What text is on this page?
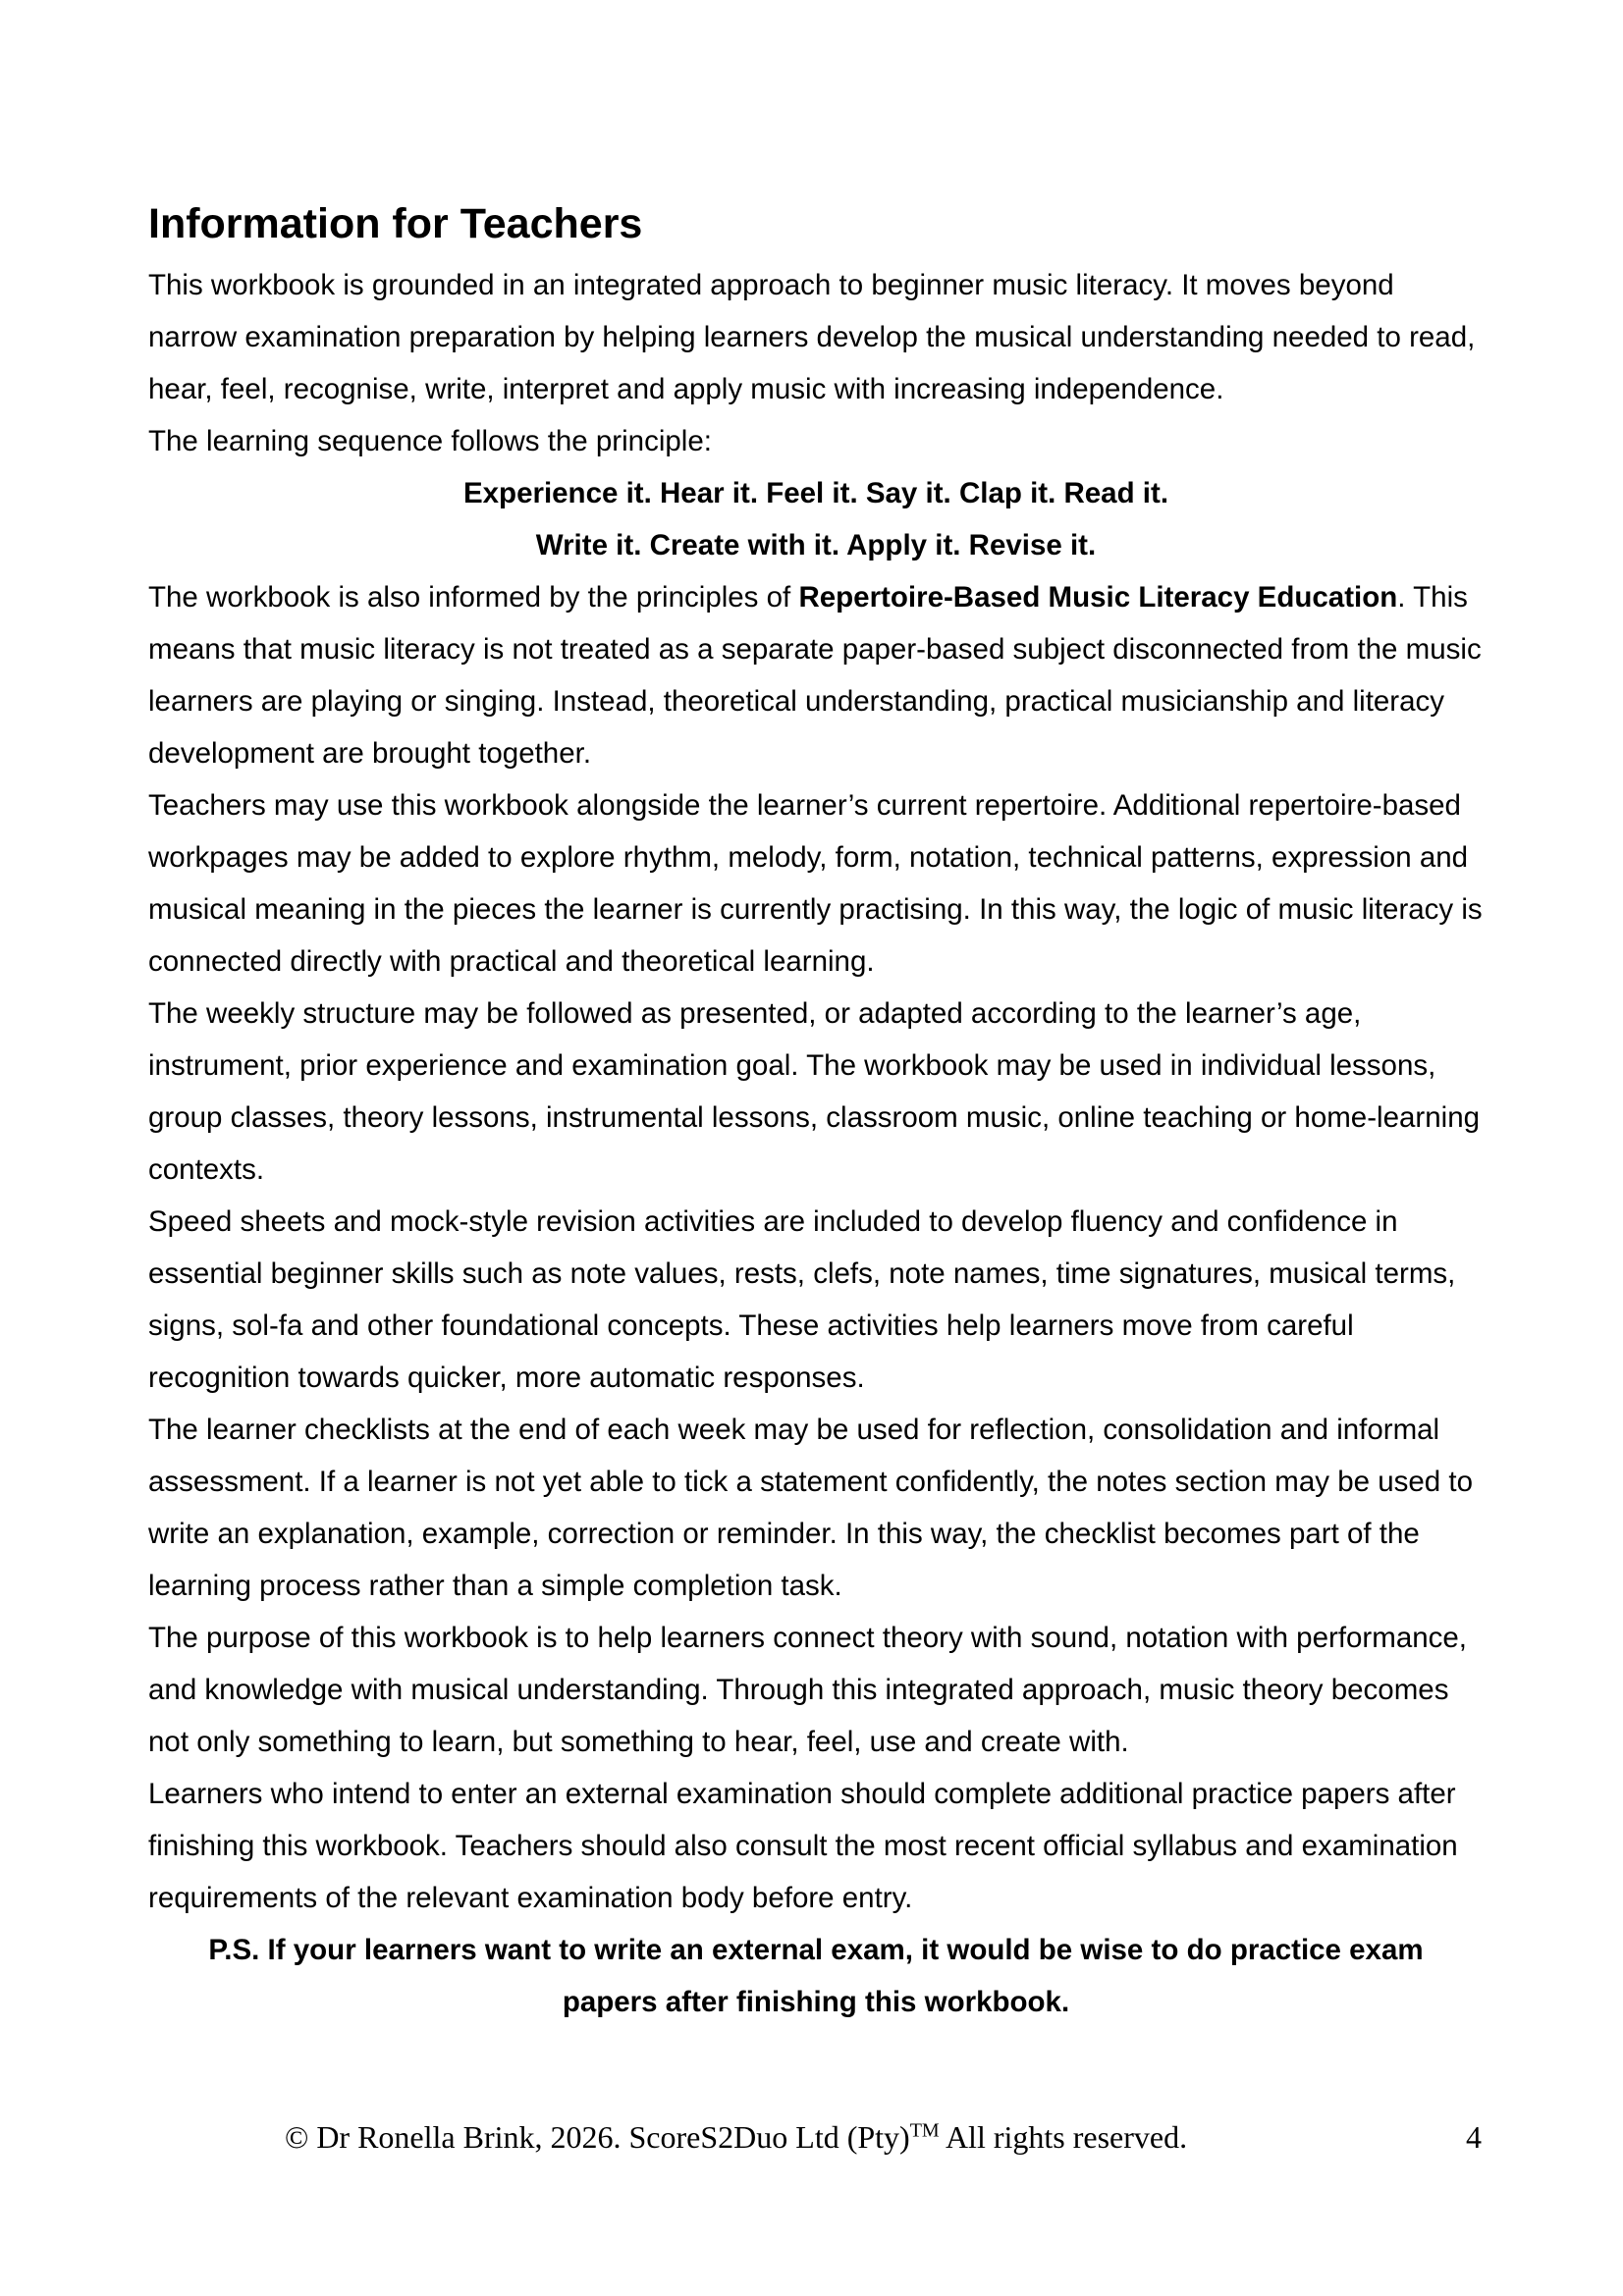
Information for Teachers

This workbook is grounded in an integrated approach to beginner music literacy. It moves beyond narrow examination preparation by helping learners develop the musical understanding needed to read, hear, feel, recognise, write, interpret and apply music with increasing independence.

The learning sequence follows the principle:

Experience it. Hear it. Feel it. Say it. Clap it. Read it.

Write it. Create with it. Apply it. Revise it.

The workbook is also informed by the principles of Repertoire-Based Music Literacy Education. This means that music literacy is not treated as a separate paper-based subject disconnected from the music learners are playing or singing. Instead, theoretical understanding, practical musicianship and literacy development are brought together.

Teachers may use this workbook alongside the learner’s current repertoire. Additional repertoire-based workpages may be added to explore rhythm, melody, form, notation, technical patterns, expression and musical meaning in the pieces the learner is currently practising. In this way, the logic of music literacy is connected directly with practical and theoretical learning.

The weekly structure may be followed as presented, or adapted according to the learner’s age, instrument, prior experience and examination goal. The workbook may be used in individual lessons, group classes, theory lessons, instrumental lessons, classroom music, online teaching or home-learning contexts.

Speed sheets and mock-style revision activities are included to develop fluency and confidence in essential beginner skills such as note values, rests, clefs, note names, time signatures, musical terms, signs, sol-fa and other foundational concepts. These activities help learners move from careful recognition towards quicker, more automatic responses.

The learner checklists at the end of each week may be used for reflection, consolidation and informal assessment. If a learner is not yet able to tick a statement confidently, the notes section may be used to write an explanation, example, correction or reminder. In this way, the checklist becomes part of the learning process rather than a simple completion task.

The purpose of this workbook is to help learners connect theory with sound, notation with performance, and knowledge with musical understanding. Through this integrated approach, music theory becomes not only something to learn, but something to hear, feel, use and create with.

Learners who intend to enter an external examination should complete additional practice papers after finishing this workbook. Teachers should also consult the most recent official syllabus and examination requirements of the relevant examination body before entry.

P.S. If your learners want to write an external exam, it would be wise to do practice exam

papers after finishing this workbook.

© Dr Ronella Brink, 2026. ScoreS2Duo Ltd (Pty)™ All rights reserved.	4
